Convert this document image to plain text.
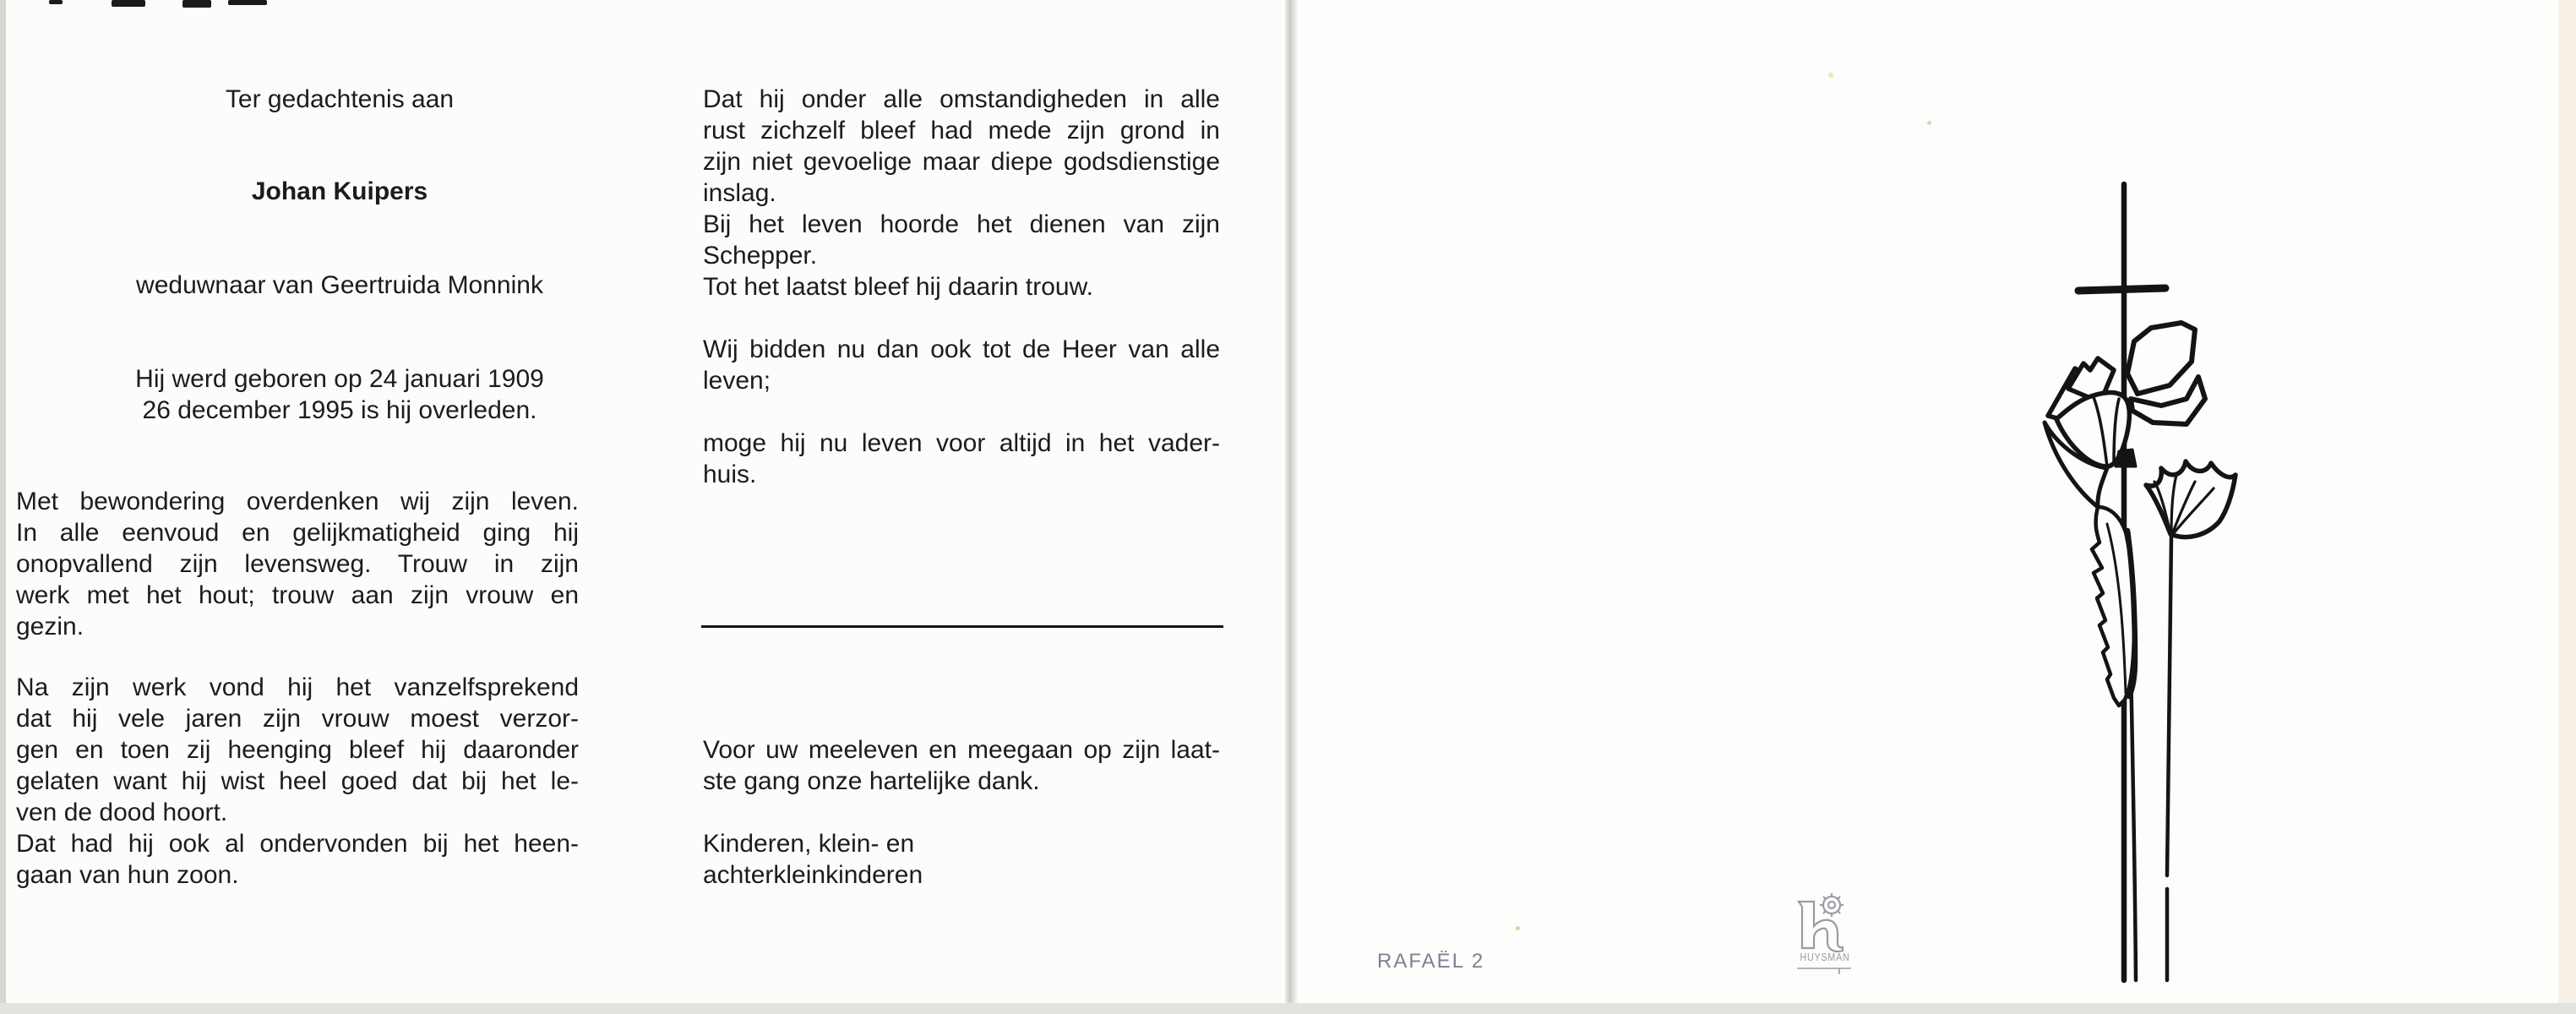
Ter gedachtenis aan
Johan Kuipers
weduwnaar van Geertruida Monnink
Hij werd geboren op 24 januari 1909
26 december 1995 is hij overleden.
Met bewondering overdenken wij zijn leven.
In alle eenvoud en gelijkmatigheid ging hij
onopvallend zijn levensweg. Trouw in zijn
werk met het hout; trouw aan zijn vrouw en
gezin.
Na zijn werk vond hij het vanzelfsprekend
dat hij vele jaren zijn vrouw moest verzor-
gen en toen zij heenging bleef hij daaronder
gelaten want hij wist heel goed dat bij het le-
ven de dood hoort.
Dat had hij ook al ondervonden bij het heen-
gaan van hun zoon.
Dat hij onder alle omstandigheden in alle
rust zichzelf bleef had mede zijn grond in
zijn niet gevoelige maar diepe godsdienstige
inslag.
Bij het leven hoorde het dienen van zijn
Schepper.
Tot het laatst bleef hij daarin trouw.
Wij bidden nu dan ook tot de Heer van alle
leven;
moge hij nu leven voor altijd in het vader-
huis.
Voor uw meeleven en meegaan op zijn laat-
ste gang onze hartelijke dank.
Kinderen, klein- en
achterkleinkinderen
RAFAËL 2	HUYSMAN
